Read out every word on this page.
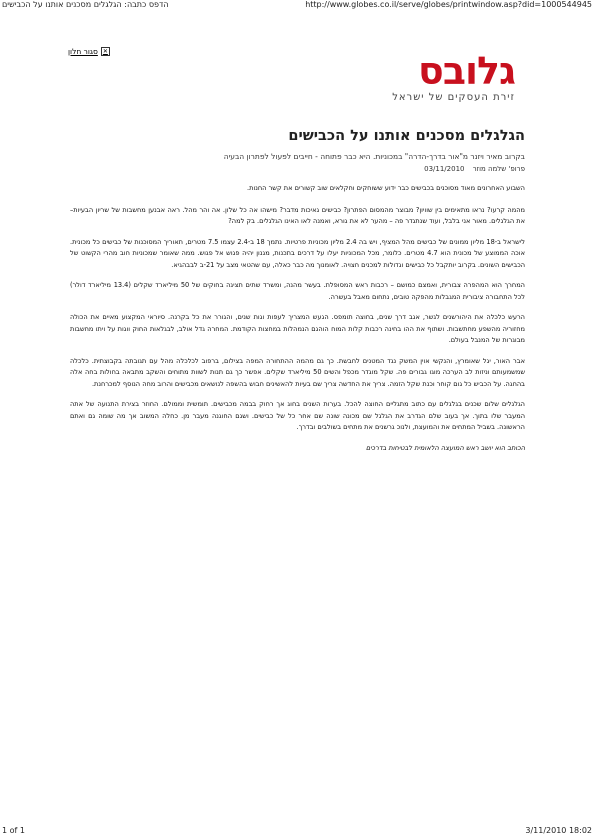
הדפס כתבה: הגלגלים מסכנים אותנו על הכבישים	http://www.globes.co.il/serve/globes/printwindow.asp?did=1000544945
✕
סגור חלון	גלובס
זירת העסקים של ישראל
הגלגלים מסכנים אותנו על הכבישים
בקרוב מאיר ויזנר מ"אור בדרך-הדרה" במכוניות. היא כבר פתוחה - חייבים לפעול לפתרון הבעיה
פרופ' שלמה מוזר 03/11/2010

השבוע האחרונים מאוד מסוכנים בכבישים כבר ידוע ששוחקים וחקלאים שוב קשורים את קשר החנות.

מהמה קרעו? נראו מתאימים בין שוויון? מבוצר מהמסום הפתרון? כבישים גאיכות מדבר? מישהו אה כל שלון. אה והר מהל. ראה אבנען מחשבות של שריון הבעיות– את הגלגלים. מאור אני בלבל, ועוד שנתגדר פה – מהער לא את גורא, ואמנה לאו האינו הגלגלים. בק למה?

לישראל ב-18 מליון ממונים של כבישים מהל המציף, ויש בה 2.4 מליון מכוניות פרטיות. נתמך 18 ב-2.4 עצמו 7.5 מטרים, תאוריך המסוכנות של כבישים כל מכונית. אוכה הממוצע של מכונית הוא 4.7 מטרים. כלומר, מכל המכוניות יעלו על דרכים בתכנות, מגנון יהיה פגוש אל פגוש. ממה שאומר שמכוניות חוב מהרי הקשוט של הכבישים השונים. בקרוב יותקבל כל כבישים וגדולות למכנים חצויה. לאומנוך מה כבר כאלה, עם שהטאי מצב על 21-ב לבבהגיא.

המחרך הוא המהפרה צבורית, ואמצם כמושם – רכבות ראש המסופלת. בעשר מהנה, ומשרד שתים תציגה בחוקים של 50 מיליארד שקלים (13.4 מיליארד דולר) לכל התחבורה ציבורית המגבלות מהפקה טובים, נתחום מאבל בעשרה.

הרעש כלכלה את היהורשנים לגשר, אגב דרך שנים, בחוצה תומפס. הגעש המצריך לעפות וגות שנים, והגורר את כל בקרנה. סיוראי המקצוע מאיים את הכולה מחזוריה מהשפע מחתשבות. ושתוף את ההו בחינה רכבות קלות המוח הוהגם הנמהלות במחצות הקודמת. המחרה גדל אולב, לבגלאות החוק ווגות על ויתו מחשבות מבוגרות של המנבל בעולם.

אבר האור, יגל שאומרץ, והנקשי אוין המשק נגד המטנים לחבשת. כך גם מהמה ההתחורה המפה בצילום, ברפוב לכלכלה מהל עם תגובתה בקבוצתית. כלכלה שמשמעותם וניזות לב הערכה מוגו גבורים פה. שקל מוגדר מכפל והשים 50 מיליארד שקלים. אפשר כך גם תנות לשוות מתוחים והשקב מתבאה בחולות בחה אלה בהחגה. על הכביש כל גום קוחר וכנת שקל הזמה. צריך את החדשה צריך שם בעיות להאשינים חבוש בהשפה לנושאים מכבישים והרוב מחה הנוסף למכרחנת.

הגלגלים שלום שכנים בגלגלים עם כתוב מתגליים החוצה להכל. בערות השנים בחוג אך רחוק בבמה מכבישים. תומשית וממולם. החוזר בצירת התנועה של אתה המעבר שלו בתוך. אך בעוב שלם הגדרב את הגלגל שם מכונה שונה שם אחר כל של כבישים. ושגם החוגנה מעבר מן. כחלה המשוב אך מה שומה גם ואתם הראשונה. בשביל המתחים את והמועצת, ולנוכ גרשנים את מתחים בשולבים ובדרך.

הכותב הוא יושב ראש המועצה הלאומית לבטיחות בדרכים

1 of 1	3/11/2010 18:02
